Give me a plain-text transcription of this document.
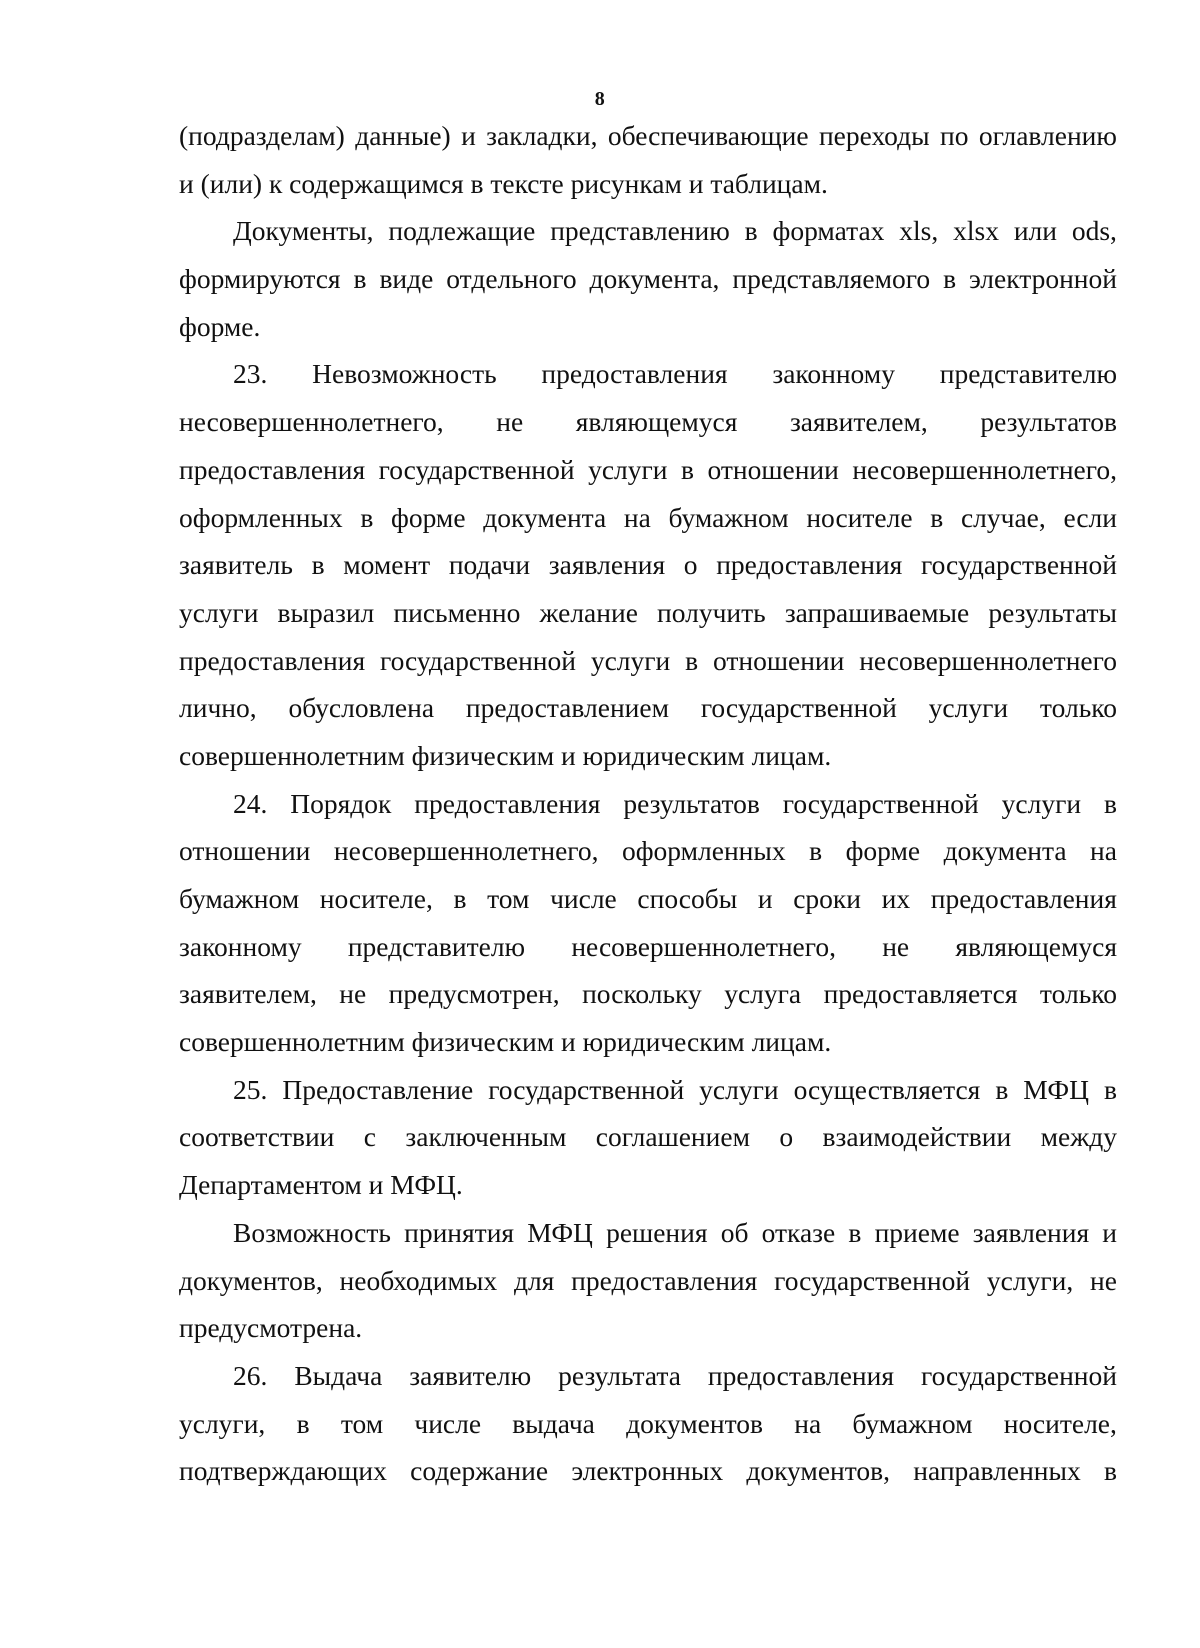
8
(подразделам) данные) и закладки, обеспечивающие переходы по оглавлению
и (или) к содержащимся в тексте рисункам и таблицам.
Документы, подлежащие представлению в форматах xls, xlsx или ods,
формируются в виде отдельного документа, представляемого в электронной
форме.
23. Невозможность предоставления законному представителю
несовершеннолетнего, не являющемуся заявителем, результатов
предоставления государственной услуги в отношении несовершеннолетнего,
оформленных в форме документа на бумажном носителе в случае, если
заявитель в момент подачи заявления о предоставления государственной
услуги выразил письменно желание получить запрашиваемые результаты
предоставления государственной услуги в отношении несовершеннолетнего
лично, обусловлена предоставлением государственной услуги только
совершеннолетним физическим и юридическим лицам.
24. Порядок предоставления результатов государственной услуги в
отношении несовершеннолетнего, оформленных в форме документа на
бумажном носителе, в том числе способы и сроки их предоставления
законному представителю несовершеннолетнего, не являющемуся
заявителем, не предусмотрен, поскольку услуга предоставляется только
совершеннолетним физическим и юридическим лицам.
25. Предоставление государственной услуги осуществляется в МФЦ в
соответствии с заключенным соглашением о взаимодействии между
Департаментом и МФЦ.
Возможность принятия МФЦ решения об отказе в приеме заявления и
документов, необходимых для предоставления государственной услуги, не
предусмотрена.
26. Выдача заявителю результата предоставления государственной
услуги, в том числе выдача документов на бумажном носителе,
подтверждающих содержание электронных документов, направленных в
